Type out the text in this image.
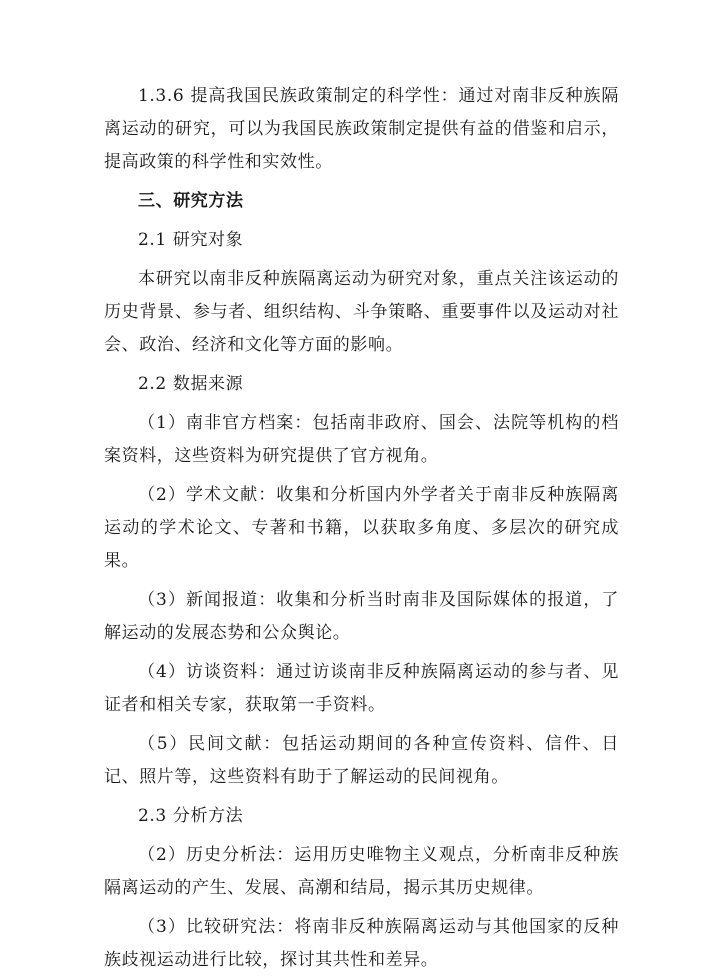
1.3.6 提高我国民族政策制定的科学性：通过对南非反种族隔离运动的研究，可以为我国民族政策制定提供有益的借鉴和启示，提高政策的科学性和实效性。

三、研究方法

2.1 研究对象

本研究以南非反种族隔离运动为研究对象，重点关注该运动的历史背景、参与者、组织结构、斗争策略、重要事件以及运动对社会、政治、经济和文化等方面的影响。

2.2 数据来源

（1）南非官方档案：包括南非政府、国会、法院等机构的档案资料，这些资料为研究提供了官方视角。

（2）学术文献：收集和分析国内外学者关于南非反种族隔离运动的学术论文、专著和书籍，以获取多角度、多层次的研究成果。

（3）新闻报道：收集和分析当时南非及国际媒体的报道，了解运动的发展态势和公众舆论。

（4）访谈资料：通过访谈南非反种族隔离运动的参与者、见证者和相关专家，获取第一手资料。

（5）民间文献：包括运动期间的各种宣传资料、信件、日记、照片等，这些资料有助于了解运动的民间视角。

2.3 分析方法

（2）历史分析法：运用历史唯物主义观点，分析南非反种族隔离运动的产生、发展、高潮和结局，揭示其历史规律。

（3）比较研究法：将南非反种族隔离运动与其他国家的反种族歧视运动进行比较，探讨其共性和差异。
